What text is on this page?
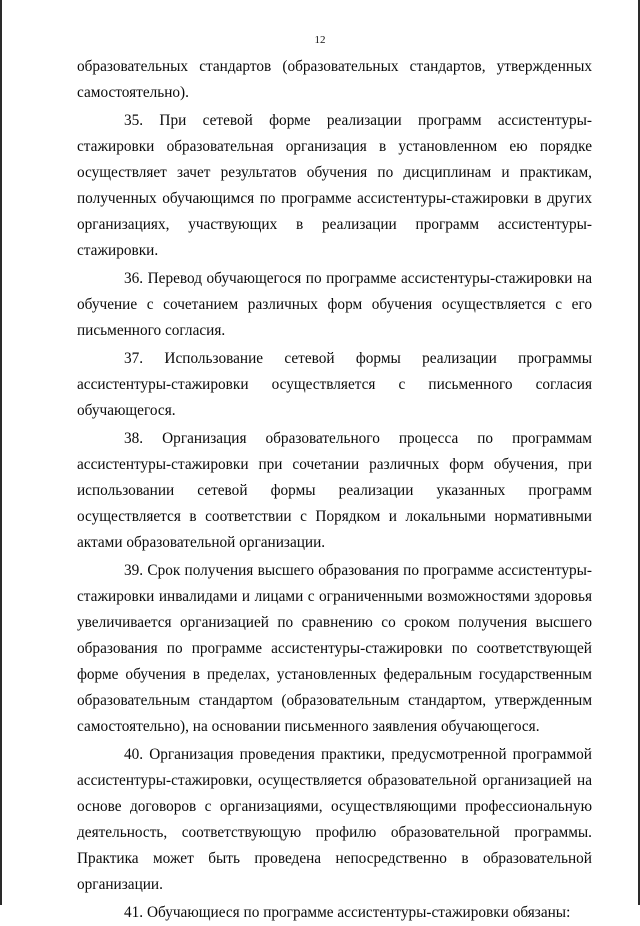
12

образовательных стандартов (образовательных стандартов, утвержденных самостоятельно).

35. При сетевой форме реализации программ ассистентуры-стажировки образовательная организация в установленном ею порядке осуществляет зачет результатов обучения по дисциплинам и практикам, полученных обучающимся по программе ассистентуры-стажировки в других организациях, участвующих в реализации программ ассистентуры-стажировки.

36. Перевод обучающегося по программе ассистентуры-стажировки на обучение с сочетанием различных форм обучения осуществляется с его письменного согласия.

37. Использование сетевой формы реализации программы ассистентуры-стажировки осуществляется с письменного согласия обучающегося.

38. Организация образовательного процесса по программам ассистентуры-стажировки при сочетании различных форм обучения, при использовании сетевой формы реализации указанных программ осуществляется в соответствии с Порядком и локальными нормативными актами образовательной организации.

39. Срок получения высшего образования по программе ассистентуры-стажировки инвалидами и лицами с ограниченными возможностями здоровья увеличивается организацией по сравнению со сроком получения высшего образования по программе ассистентуры-стажировки по соответствующей форме обучения в пределах, установленных федеральным государственным образовательным стандартом (образовательным стандартом, утвержденным самостоятельно), на основании письменного заявления обучающегося.

40. Организация проведения практики, предусмотренной программой ассистентуры-стажировки, осуществляется образовательной организацией на основе договоров с организациями, осуществляющими профессиональную деятельность, соответствующую профилю образовательной программы. Практика может быть проведена непосредственно в образовательной организации.

41. Обучающиеся по программе ассистентуры-стажировки обязаны:
